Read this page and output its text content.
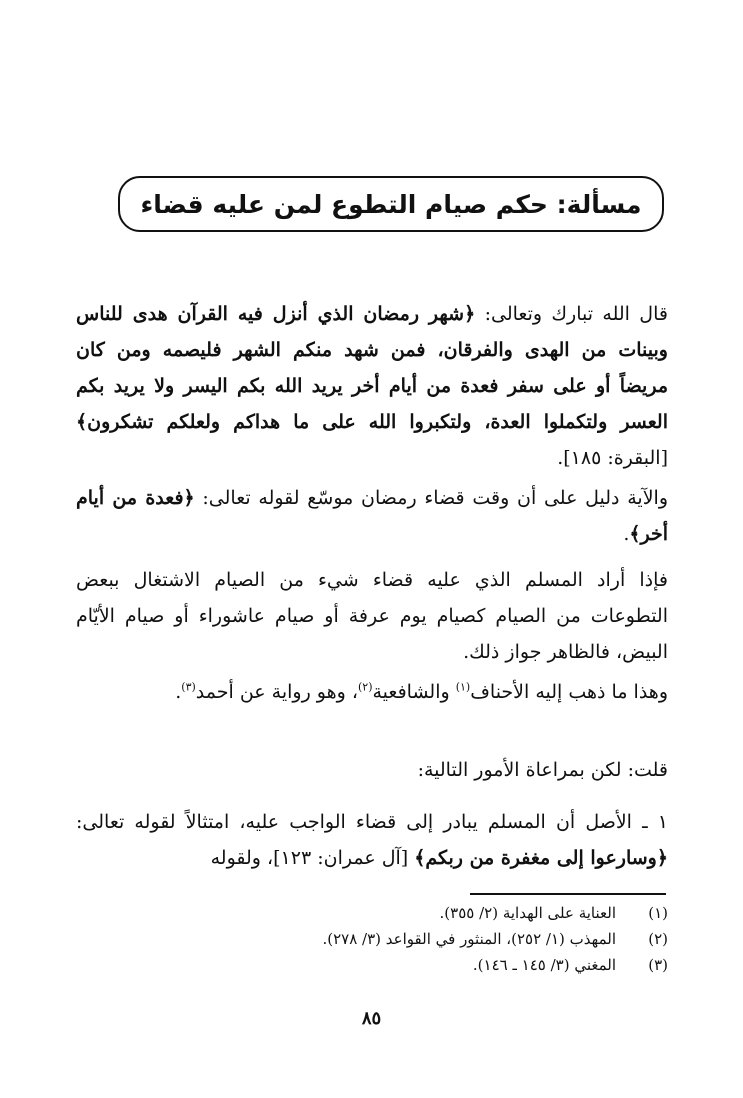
مسألة: حكم صيام التطوع لمن عليه قضاء
قال الله تبارك وتعالى: ﴿شهر رمضان الذي أنزل فيه القرآن هدى للناس وبينات من الهدى والفرقان، فمن شهد منكم الشهر فليصمه ومن كان مريضاً أو على سفر فعدة من أيام أخر يريد الله بكم اليسر ولا يريد بكم العسر ولتكملوا العدة، ولتكبروا الله على ما هداكم ولعلكم تشكرون﴾ [البقرة: ١٨٥].
والآية دليل على أن وقت قضاء رمضان موسّع لقوله تعالى: ﴿فعدة من أيام أخر﴾.
فإذا أراد المسلم الذي عليه قضاء شيء من الصيام الاشتغال ببعض التطوعات من الصيام كصيام يوم عرفة أو صيام عاشوراء أو صيام الأيّام البيض، فالظاهر جواز ذلك.
وهذا ما ذهب إليه الأحناف$^{(١)}$ والشافعية$^{(٢)}$، وهو رواية عن أحمد$^{(٣)}$.
قلت: لكن بمراعاة الأمور التالية:
١ ـ الأصل أن المسلم يبادر إلى قضاء الواجب عليه، امتثالاً لقوله تعالى: ﴿وسارعوا إلى مغفرة من ربكم﴾ [آل عمران: ١٢٣]، ولقوله
(١)
العناية على الهداية (٢/ ٣٥٥).
(٢)
المهذب (١/ ٢٥٢)، المنثور في القواعد (٣/ ٢٧٨).
(٣)
المغني (٣/ ١٤٥ ـ ١٤٦).
٨٥
